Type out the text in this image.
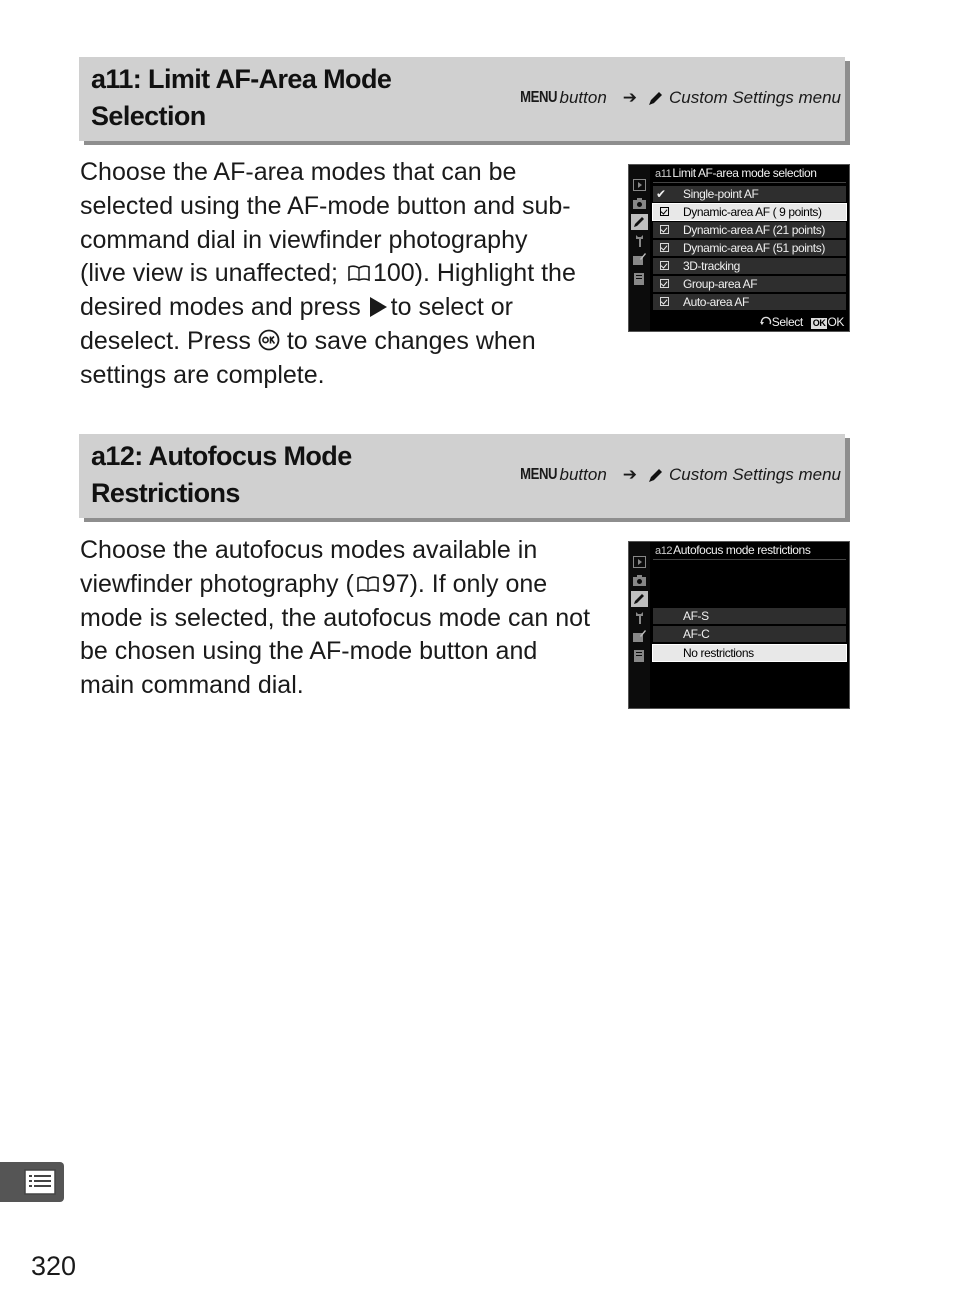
a11: Limit AF-Area Mode
Selection
MENU button ➔ Custom Settings menu
Choose the AF-area modes that can be
selected using the AF-mode button and sub-
command dial in viewfinder photography
(live view is unaffected; 100). Highlight the
desired modes and press to select or
deselect. Press to save changes when
settings are complete.
a11Limit AF-area mode selection
✔ Single-point AF
Dynamic-area AF ( 9 points)
Dynamic-area AF (21 points)
Dynamic-area AF (51 points)
3D-tracking
Group-area AF
Auto-area AF
Select OK OK
a12: Autofocus Mode
Restrictions
MENU button ➔ Custom Settings menu
Choose the autofocus modes available in
viewfinder photography ( 97). If only one
mode is selected, the autofocus mode can not
be chosen using the AF-mode button and
main command dial.
a12Autofocus mode restrictions
AF-S
AF-C
No restrictions
320
